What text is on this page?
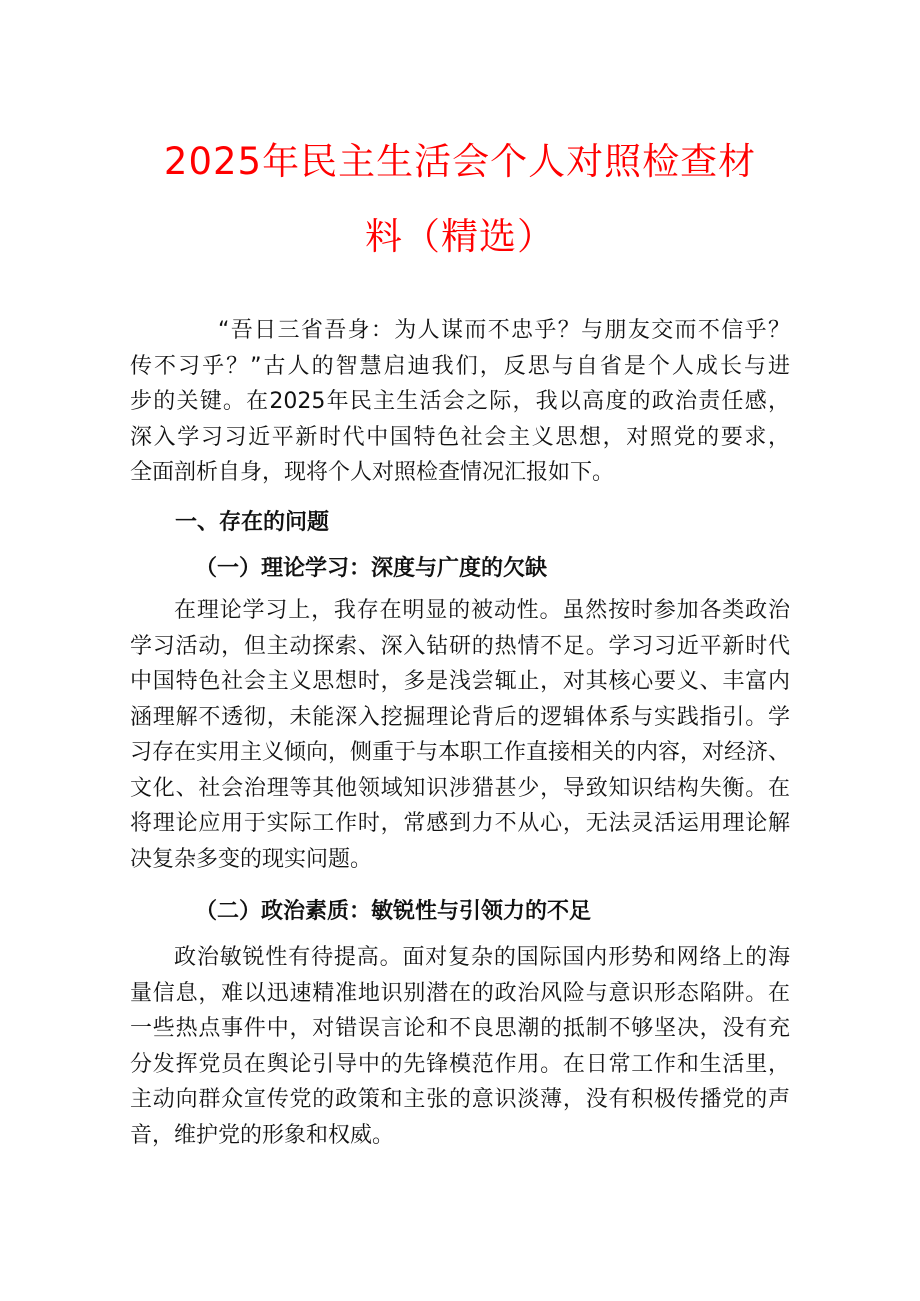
2025年民主生活会个人对照检查材
料（精选）
“吾日三省吾身：为人谋而不忠乎？与朋友交而不信乎？
传不习乎？”古人的智慧启迪我们，反思与自省是个人成长与进
步的关键。在2025年民主生活会之际，我以高度的政治责任感，
深入学习习近平新时代中国特色社会主义思想，对照党的要求，
全面剖析自身，现将个人对照检查情况汇报如下。
一、存在的问题
（一）理论学习：深度与广度的欠缺
在理论学习上，我存在明显的被动性。虽然按时参加各类政治
学习活动，但主动探索、深入钻研的热情不足。学习习近平新时代
中国特色社会主义思想时，多是浅尝辄止，对其核心要义、丰富内
涵理解不透彻，未能深入挖掘理论背后的逻辑体系与实践指引。学
习存在实用主义倾向，侧重于与本职工作直接相关的内容，对经济、
文化、社会治理等其他领域知识涉猎甚少，导致知识结构失衡。在
将理论应用于实际工作时，常感到力不从心，无法灵活运用理论解
决复杂多变的现实问题。
（二）政治素质：敏锐性与引领力的不足
政治敏锐性有待提高。面对复杂的国际国内形势和网络上的海
量信息，难以迅速精准地识别潜在的政治风险与意识形态陷阱。在
一些热点事件中，对错误言论和不良思潮的抵制不够坚决，没有充
分发挥党员在舆论引导中的先锋模范作用。在日常工作和生活里，
主动向群众宣传党的政策和主张的意识淡薄，没有积极传播党的声
音，维护党的形象和权威。
